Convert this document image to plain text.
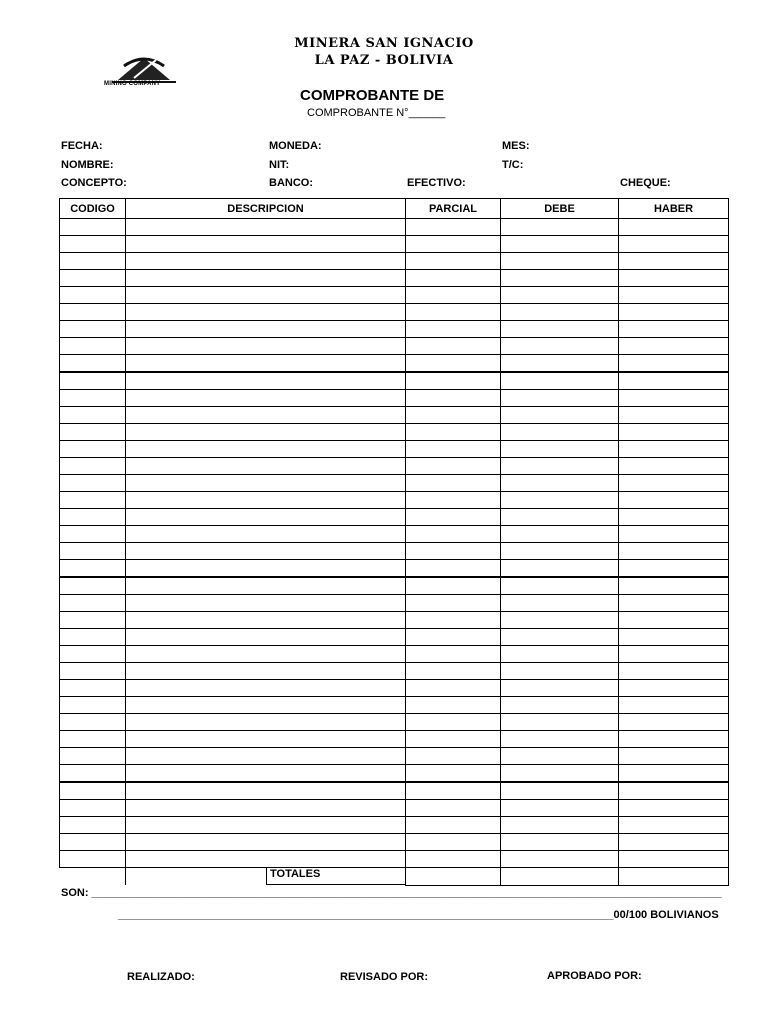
MINERA SAN IGNACIO
LA PAZ - BOLIVIA
MINING COMPANY
COMPROBANTE DE
COMPROBANTE N°______
FECHA:	MONEDA:	MES:
NOMBRE:	NIT:	T/C:
CONCEPTO:	BANCO:	EFECTIVO:	CHEQUE:
CODIGO	DESCRIPCION	PARCIAL	DEBE	HABER

	TOTALES			

SON: _______________________________________________________________________________________________________
_________________________________________________________________________________00/100 BOLIVIANOS
REALIZADO:	REVISADO POR:	APROBADO POR:
